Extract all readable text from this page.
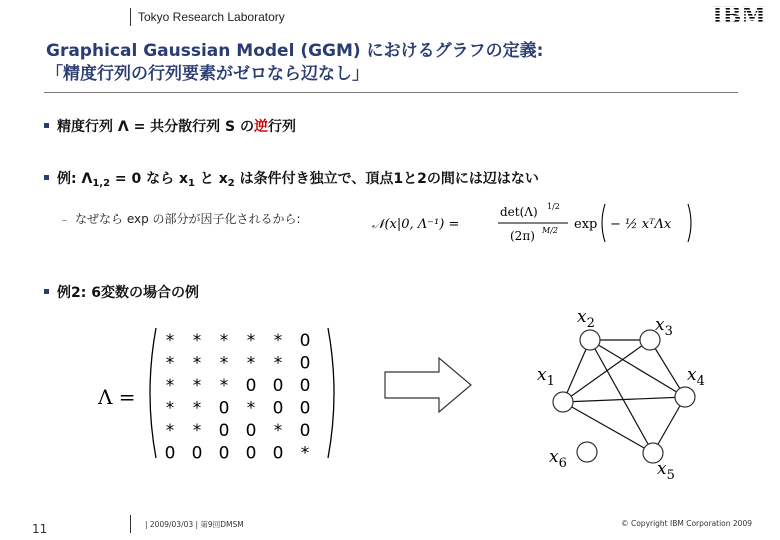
Tokyo Research Laboratory	IBM
Graphical Gaussian Model (GGM) におけるグラフの定義:
「精度行列の行列要素がゼロなら辺なし」
精度行列 Λ = 共分散行列 S の逆行列
例: $\Lambda_{1,2} = 0$ なら $x_1$ と $x_2$ は条件付き独立で、頂点1と2の間には辺はない
– なぜなら exp の部分が因子化されるから:	𝒩(x|0, Λ⁻¹) =
det(Λ) 1/2
(2π) M/2 exp − ½ xᵀΛx
例2: 6変数の場合の例
Λ =
* * * * * 0
* * * * * 0
* * * 0 0 0
* * 0 * 0 0
* * 0 0 * 0
0 0 0 0 0 *
$x_1$
$x_2$	$x_3$
$x_4$
$x_5$
$x_6$
11	| 2009/03/03 | 第9回DMSM	© Copyright IBM Corporation 2009
